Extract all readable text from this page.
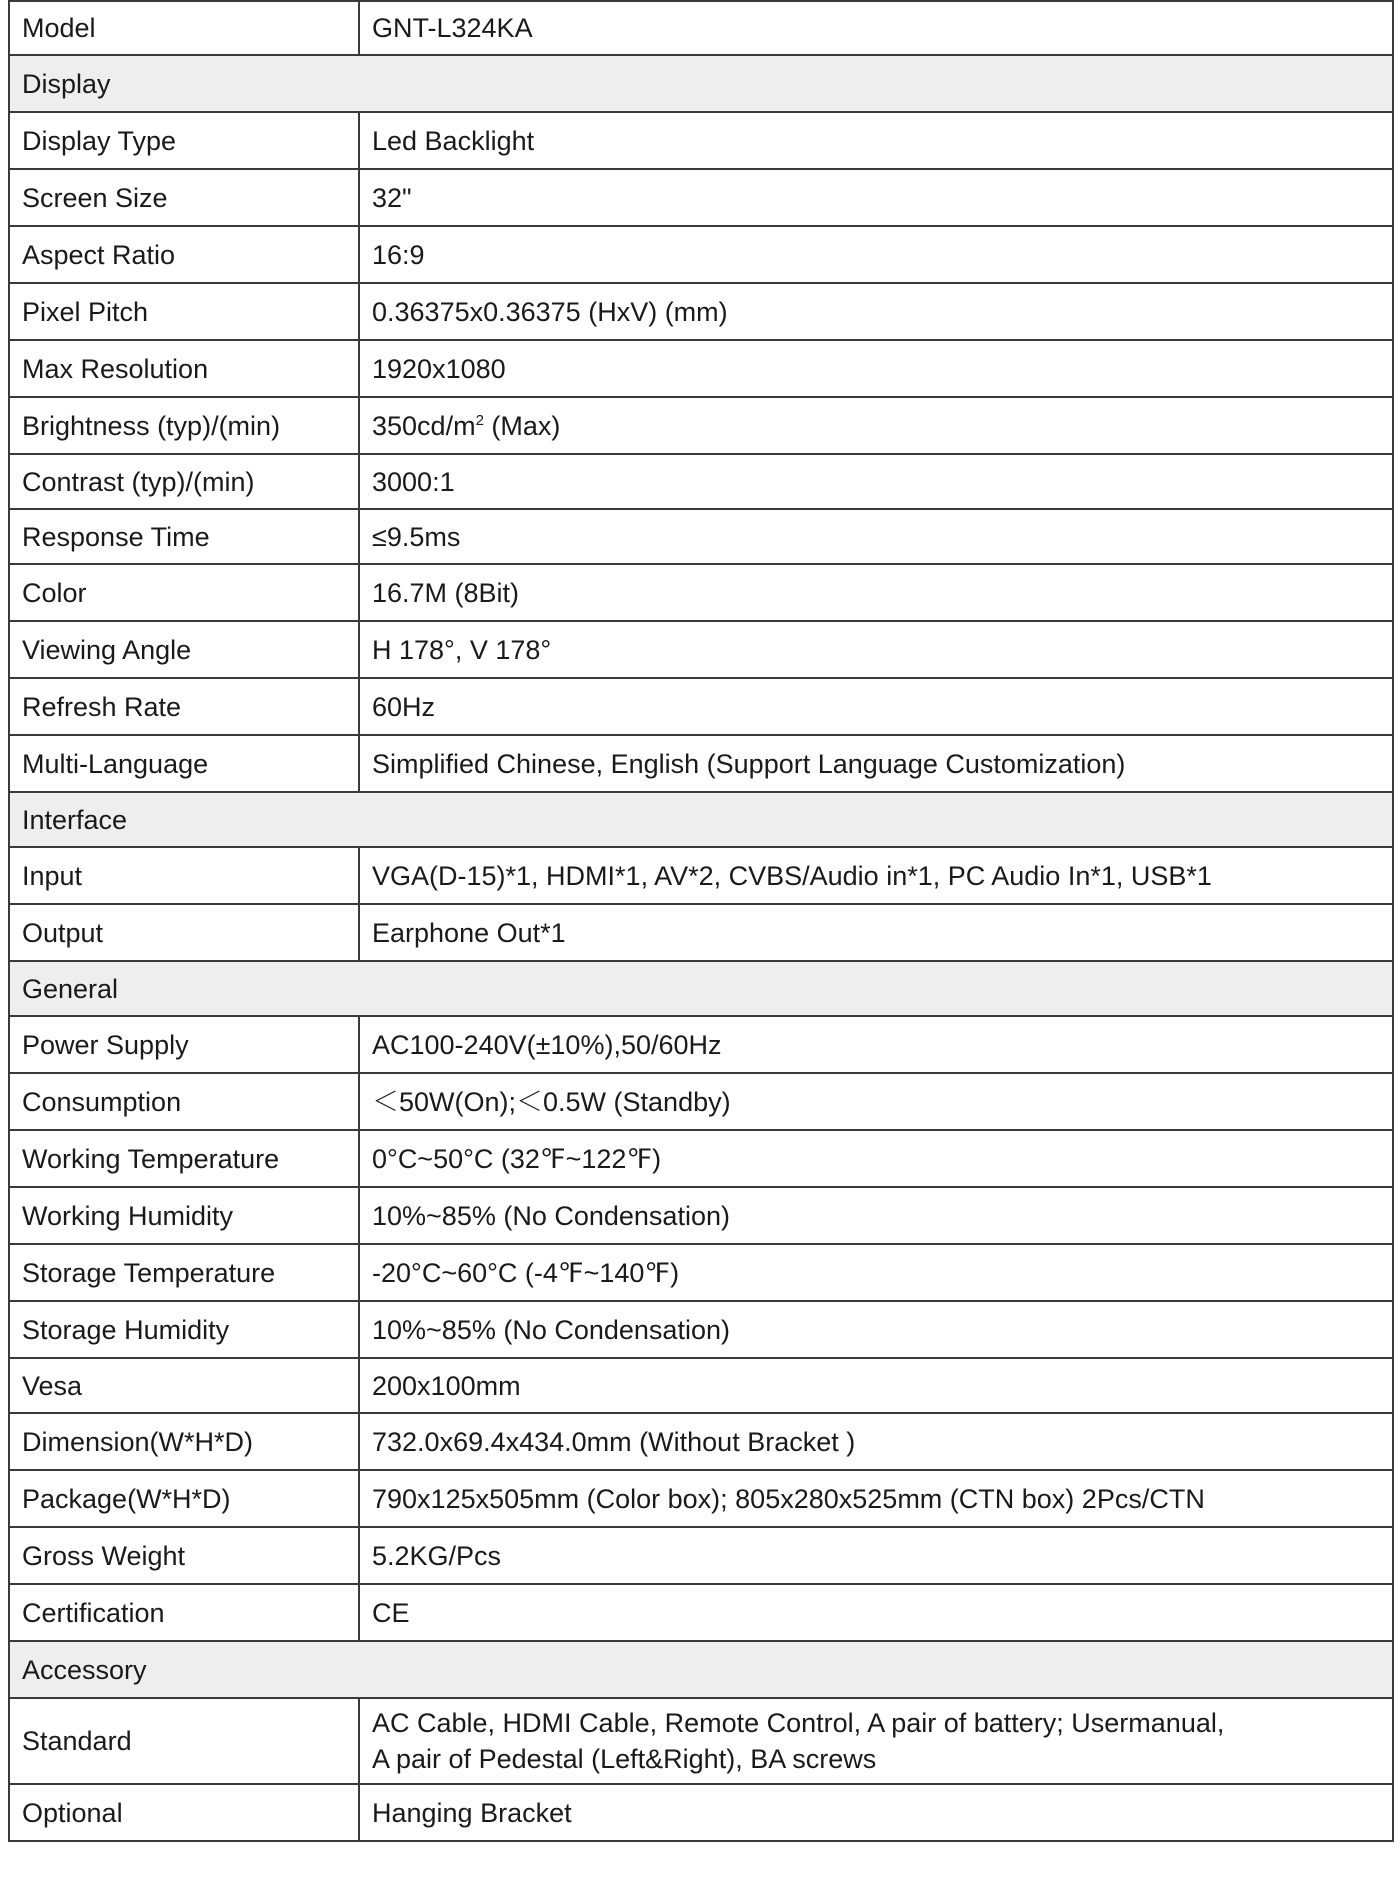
Model	GNT-L324KA
Display	
Display Type	Led Backlight
Screen Size	32"
Aspect Ratio	16:9
Pixel Pitch	0.36375x0.36375 (HxV) (mm)
Max Resolution	1920x1080
Brightness (typ)/(min)	$350cd/m^2$ (Max)
Contrast (typ)/(min)	3000:1
Response Time	≤9.5ms
Color	16.7M (8Bit)
Viewing Angle	H 178°, V 178°
Refresh Rate	60Hz
Multi-Language	Simplified Chinese, English (Support Language Customization)
Interface	
Input	VGA(D-15)*1, HDMI*1, AV*2, CVBS/Audio in*1, PC Audio In*1, USB*1
Output	Earphone Out*1
General	
Power Supply	AC100-240V(±10%),50/60Hz
Consumption	＜50W(On);＜0.5W (Standby)
Working Temperature	0°C~50°C (32℉~122℉)
Working Humidity	10%~85% (No Condensation)
Storage Temperature	-20°C~60°C (-4℉~140℉)
Storage Humidity	10%~85% (No Condensation)
Vesa	200x100mm
Dimension(W*H*D)	732.0x69.4x434.0mm (Without Bracket )
Package(W*H*D)	790x125x505mm (Color box); 805x280x525mm (CTN box) 2Pcs/CTN
Gross Weight	5.2KG/Pcs
Certification	CE
Accessory	
Standard	AC Cable, HDMI Cable, Remote Control, A pair of battery; Usermanual,
A pair of Pedestal (Left&Right), BA screws

Optional	Hanging Bracket
